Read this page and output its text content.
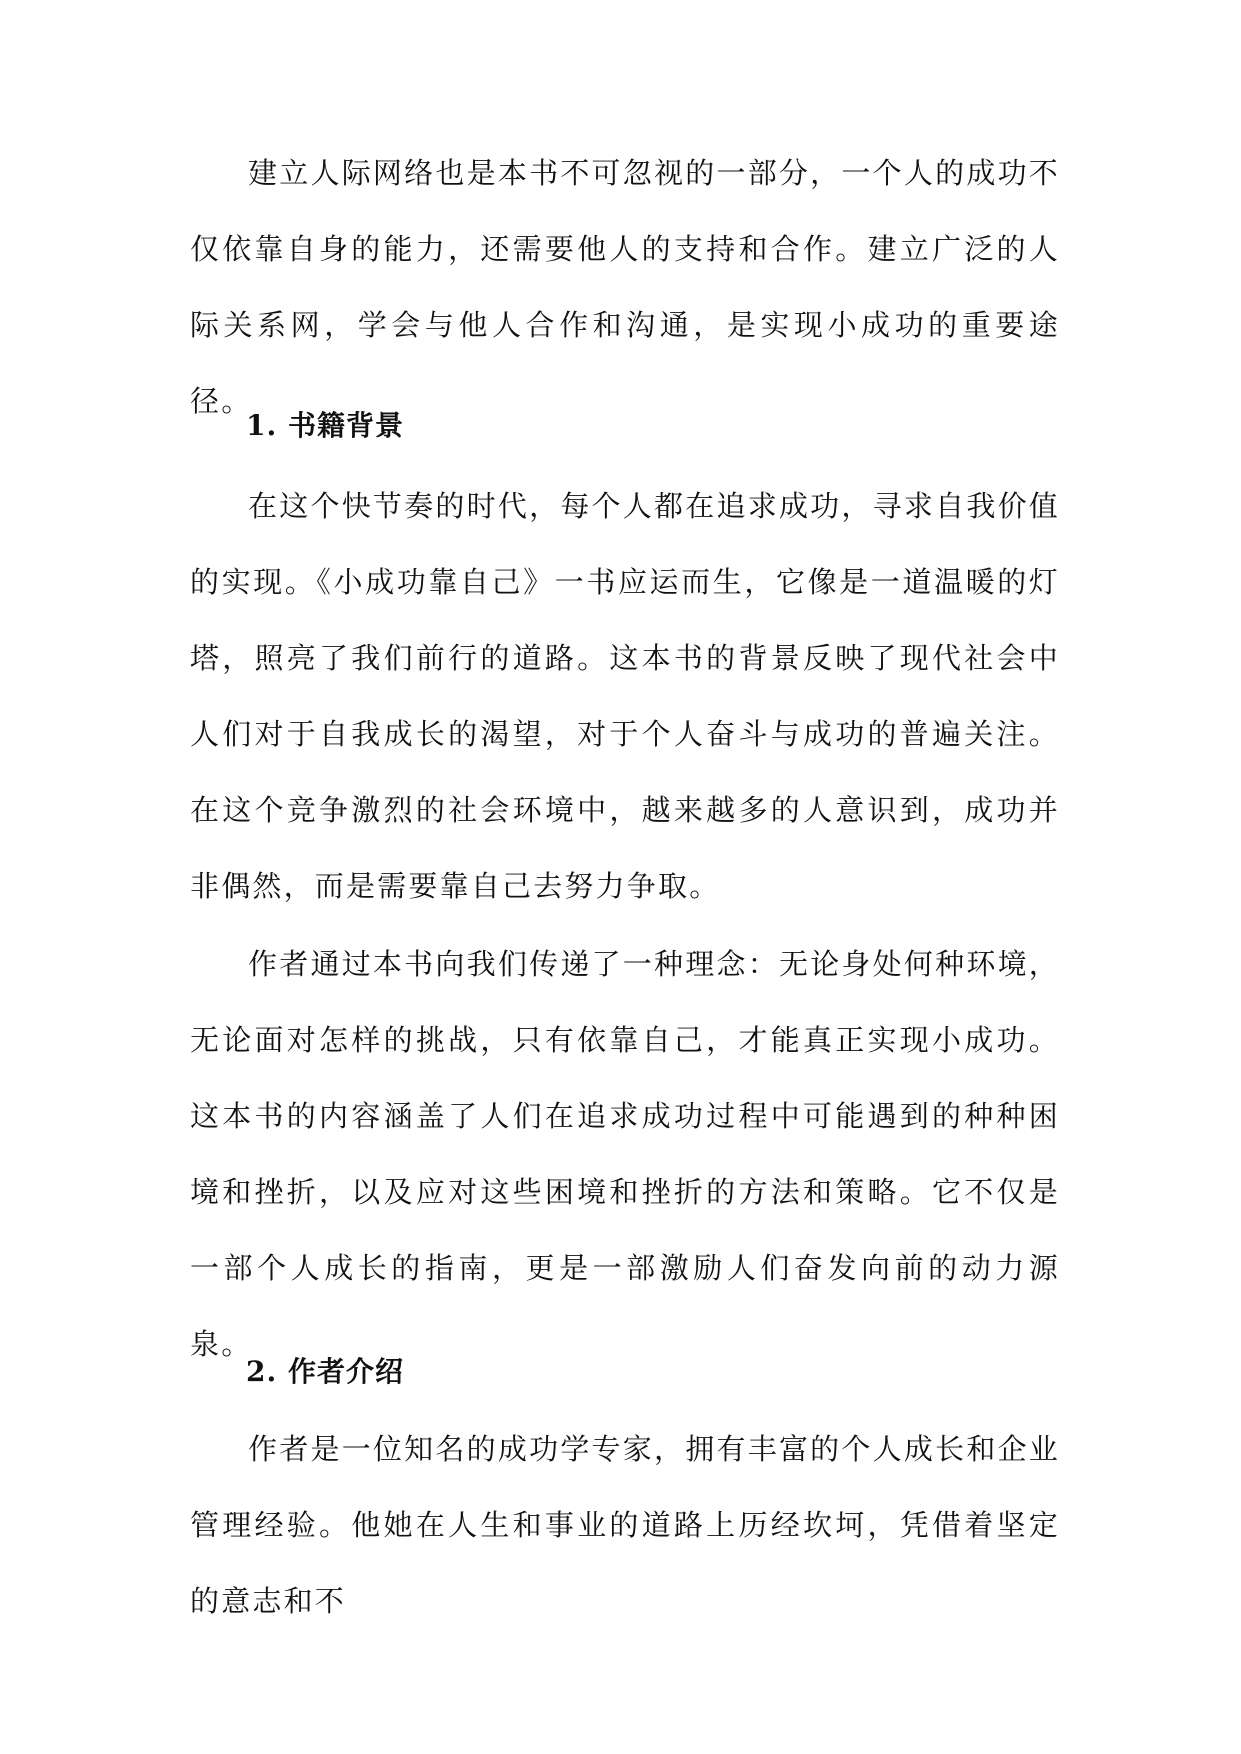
建立人际网络也是本书不可忽视的一部分，一个人的成功不仅依靠自身的能力，还需要他人的支持和合作。建立广泛的人际关系网，学会与他人合作和沟通，是实现小成功的重要途径。

1. 书籍背景

在这个快节奏的时代，每个人都在追求成功，寻求自我价值的实现。《小成功靠自己》一书应运而生，它像是一道温暖的灯塔，照亮了我们前行的道路。这本书的背景反映了现代社会中人们对于自我成长的渴望，对于个人奋斗与成功的普遍关注。在这个竞争激烈的社会环境中，越来越多的人意识到，成功并非偶然，而是需要靠自己去努力争取。

作者通过本书向我们传递了一种理念：无论身处何种环境，无论面对怎样的挑战，只有依靠自己，才能真正实现小成功。这本书的内容涵盖了人们在追求成功过程中可能遇到的种种困境和挫折，以及应对这些困境和挫折的方法和策略。它不仅是一部个人成长的指南，更是一部激励人们奋发向前的动力源泉。

2. 作者介绍

作者是一位知名的成功学专家，拥有丰富的个人成长和企业管理经验。他她在人生和事业的道路上历经坎坷，凭借着坚定的意志和不
